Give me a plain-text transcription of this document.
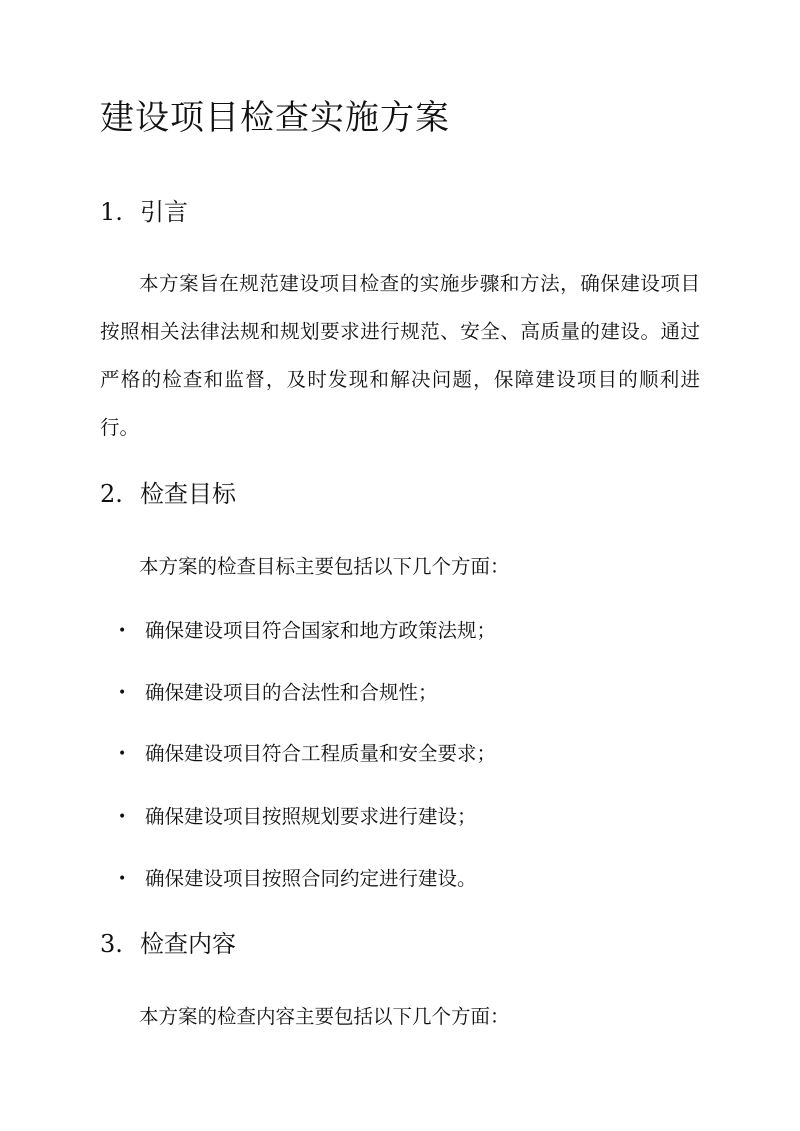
建设项目检查实施方案
1. 引言

本方案旨在规范建设项目检查的实施步骤和方法，确保建设项目按照相关法律法规和规划要求进行规范、安全、高质量的建设。通过严格的检查和监督，及时发现和解决问题，保障建设项目的顺利进行。

2. 检查目标

本方案的检查目标主要包括以下几个方面：

•确保建设项目符合国家和地方政策法规；
•确保建设项目的合法性和合规性；
•确保建设项目符合工程质量和安全要求；
•确保建设项目按照规划要求进行建设；
•确保建设项目按照合同约定进行建设。
3. 检查内容

本方案的检查内容主要包括以下几个方面：
